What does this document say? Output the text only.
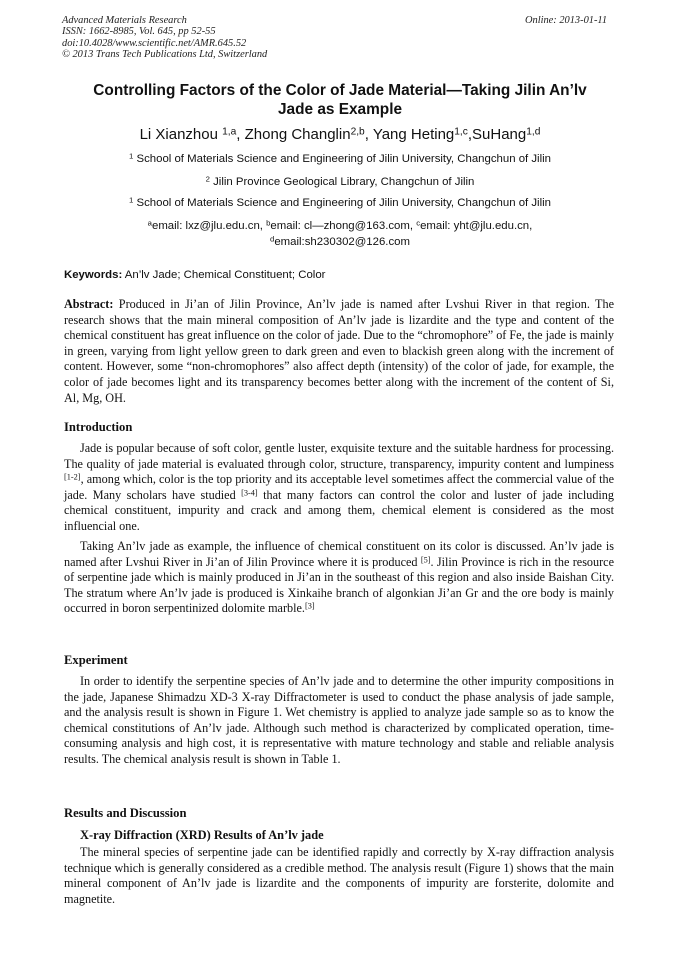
Advanced Materials Research
ISSN: 1662-8985, Vol. 645, pp 52-55
doi:10.4028/www.scientific.net/AMR.645.52
© 2013 Trans Tech Publications Ltd, Switzerland
Online: 2013-01-11
Controlling Factors of the Color of Jade Material—Taking Jilin An’lv
Jade as Example
Li Xianzhou $^{1,a}$, Zhong Changlin$^{2,b}$, Yang Heting$^{1,c}$,SuHang$^{1,d}$
$^1$ School of Materials Science and Engineering of Jilin University, Changchun of Jilin
$^2$ Jilin Province Geological Library, Changchun of Jilin
$^1$ School of Materials Science and Engineering of Jilin University, Changchun of Jilin
$^a$email: lxz@jlu.edu.cn, $^b$email: cl—zhong@163.com, $^c$email: yht@jlu.edu.cn,
$^d$email:sh230302@126.com
Keywords: An’lv Jade; Chemical Constituent; Color
Abstract: Produced in Ji’an of Jilin Province, An’lv jade is named after Lvshui River in that region. The research shows that the main mineral composition of An’lv jade is lizardite and the type and content of the chemical constituent has great influence on the color of jade. Due to the “chromophore” of Fe, the jade is mainly in green, varying from light yellow green to dark green and even to blackish green along with the increment of content. However, some “non-chromophores” also affect depth (intensity) of the color of jade, for example, the color of jade becomes light and its transparency becomes better along with the increment of the content of Si, Al, Mg, OH.
Introduction
Jade is popular because of soft color, gentle luster, exquisite texture and the suitable hardness for processing. The quality of jade material is evaluated through color, structure, transparency, impurity content and lumpiness [1-2], among which, color is the top priority and its acceptable level sometimes affect the commercial value of the jade. Many scholars have studied [3-4] that many factors can control the color and luster of jade including chemical constituent, impurity and crack and among them, chemical element is considered as the most influencial one.
Taking An’lv jade as example, the influence of chemical constituent on its color is discussed. An’lv jade is named after Lvshui River in Ji’an of Jilin Province where it is produced [5]. Jilin Province is rich in the resource of serpentine jade which is mainly produced in Ji’an in the southeast of this region and also inside Baishan City. The stratum where An’lv jade is produced is Xinkaihe branch of algonkian Ji’an Gr and the ore body is mainly occurred in boron serpentinized dolomite marble.[3]
Experiment
In order to identify the serpentine species of An’lv jade and to determine the other impurity compositions in the jade, Japanese Shimadzu XD-3 X-ray Diffractometer is used to conduct the phase analysis of jade sample, and the analysis result is shown in Figure 1. Wet chemistry is applied to analyze jade sample so as to know the chemical constitutions of An’lv jade. Although such method is characterized by complicated operation, time-consuming analysis and high cost, it is representative with mature technology and stable and reliable analysis results. The chemical analysis result is shown in Table 1.
Results and Discussion
X-ray Diffraction (XRD) Results of An’lv jade
The mineral species of serpentine jade can be identified rapidly and correctly by X-ray diffraction analysis technique which is generally considered as a credible method. The analysis result (Figure 1) shows that the main mineral component of An’lv jade is lizardite and the components of impurity are forsterite, dolomite and magnetite.
